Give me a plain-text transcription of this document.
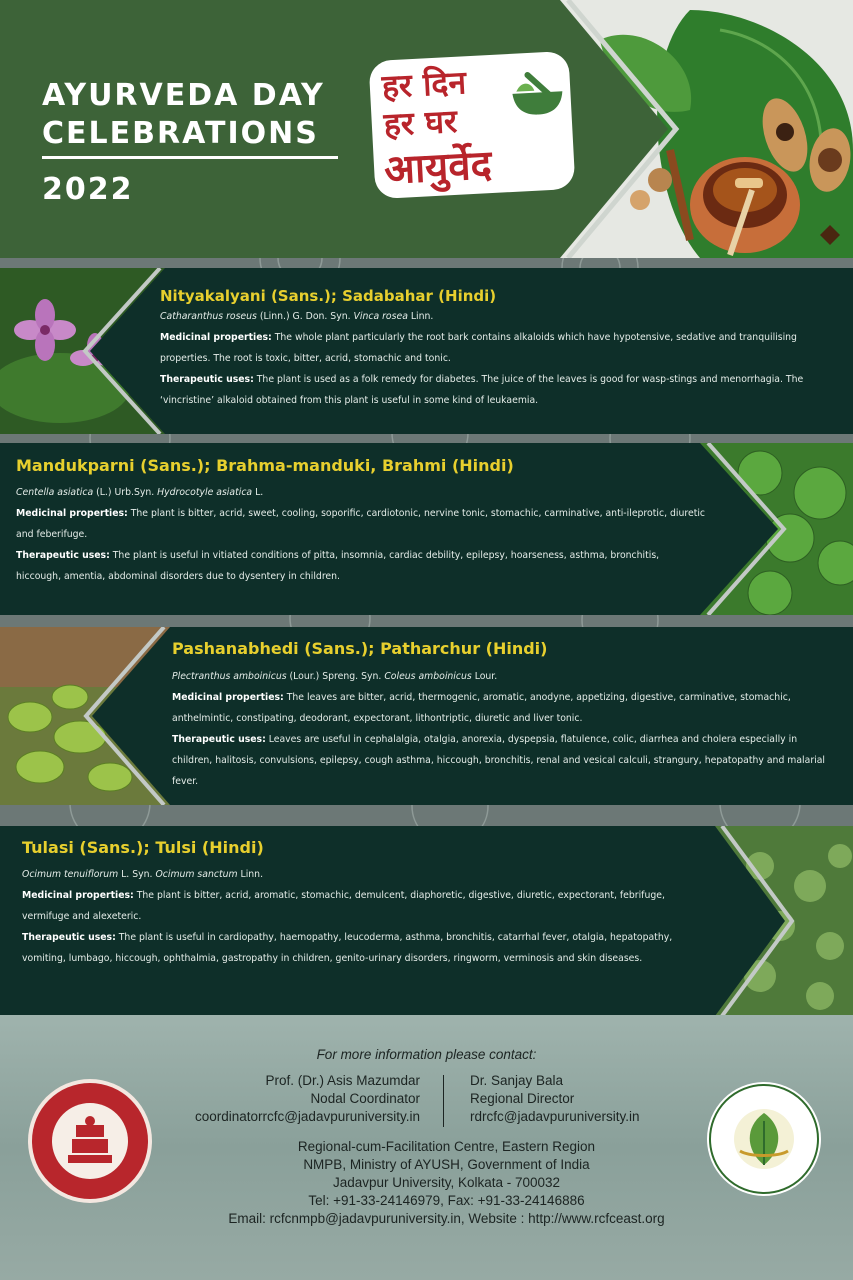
AYURVEDA DAY
CELEBRATIONS
2022
हर दिन
हर घर
आयुर्वेद
Nityakalyani (Sans.); Sadabahar (Hindi)
Catharanthus roseus (Linn.) G. Don. Syn. Vinca rosea Linn.
Medicinal properties: The whole plant particularly the root bark contains alkaloids which have hypotensive, sedative and tranquilising properties. The root is toxic, bitter, acrid, stomachic and tonic.
Therapeutic uses: The plant is used as a folk remedy for diabetes. The juice of the leaves is good for wasp-stings and menorrhagia. The ‘vincristine’ alkaloid obtained from this plant is useful in some kind of leukaemia.
Mandukparni (Sans.); Brahma-manduki, Brahmi (Hindi)
Centella asiatica (L.) Urb.Syn. Hydrocotyle asiatica L.
Medicinal properties: The plant is bitter, acrid, sweet, cooling, soporific, cardiotonic, nervine tonic, stomachic, carminative, anti-ileprotic, diuretic and feberifuge.
Therapeutic uses: The plant is useful in vitiated conditions of pitta, insomnia, cardiac debility, epilepsy, hoarseness, asthma, bronchitis, hiccough, amentia, abdominal disorders due to dysentery in children.
Pashanabhedi (Sans.); Patharchur (Hindi)
Plectranthus amboinicus (Lour.) Spreng. Syn. Coleus amboinicus Lour.
Medicinal properties: The leaves are bitter, acrid, thermogenic, aromatic, anodyne, appetizing, digestive, carminative, stomachic, anthelmintic, constipating, deodorant, expectorant, lithontriptic, diuretic and liver tonic.
Therapeutic uses: Leaves are useful in cephalalgia, otalgia, anorexia, dyspepsia, flatulence, colic, diarrhea and cholera especially in children, halitosis, convulsions, epilepsy, cough asthma, hiccough, bronchitis, renal and vesical calculi, strangury, hepatopathy and malarial fever.
Tulasi (Sans.); Tulsi (Hindi)
Ocimum tenuiflorum L. Syn. Ocimum sanctum Linn.
Medicinal properties: The plant is bitter, acrid, aromatic, stomachic, demulcent, diaphoretic, digestive, diuretic, expectorant, febrifuge, vermifuge and alexeteric.
Therapeutic uses: The plant is useful in cardiopathy, haemopathy, leucoderma, asthma, bronchitis, catarrhal fever, otalgia, hepatopathy, vomiting, lumbago, hiccough, ophthalmia, gastropathy in children, genito-urinary disorders, ringworm, verminosis and skin diseases.
For more information please contact:
Prof. (Dr.) Asis Mazumdar
Nodal Coordinator
coordinatorrcfc@jadavpuruniversity.in
Dr. Sanjay Bala
Regional Director
rdrcfc@jadavpuruniversity.in
Regional-cum-Facilitation Centre, Eastern Region
NMPB, Ministry of AYUSH, Government of India
Jadavpur University, Kolkata - 700032
Tel: +91-33-24146979, Fax: +91-33-24146886
Email: rcfcnmpb@jadavpuruniversity.in, Website : http://www.rcfceast.org
